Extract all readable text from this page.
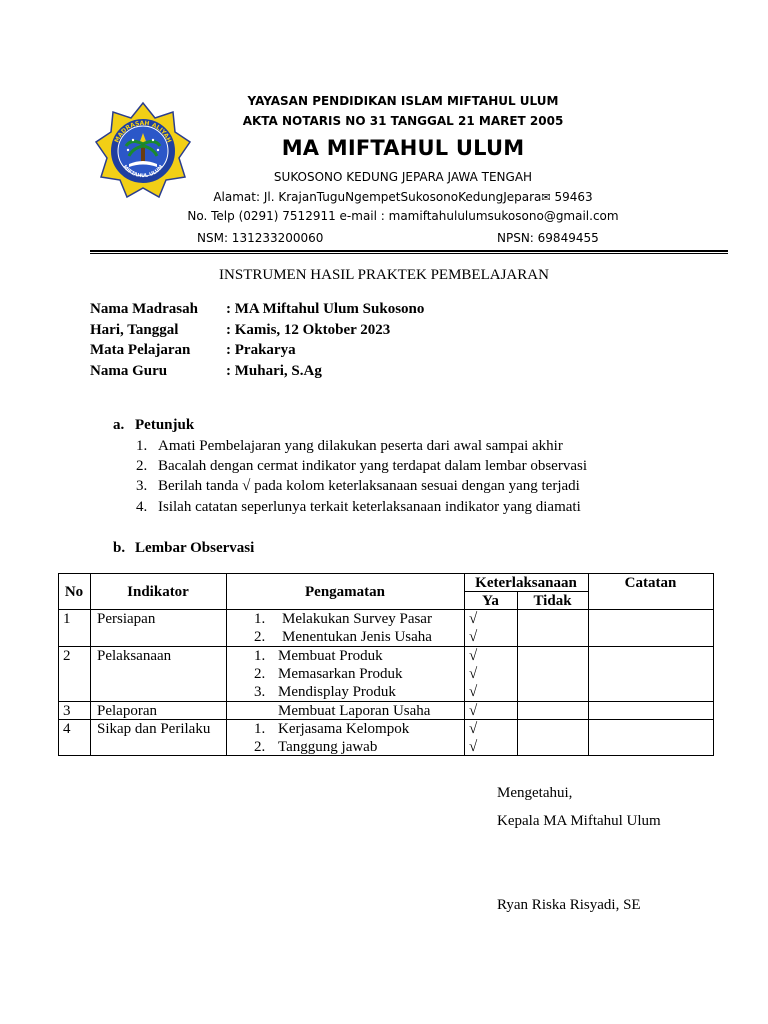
MADRASAH ALIYAH
MIFTAHUL ULUM
YAYASAN PENDIDIKAN ISLAM MIFTAHUL ULUM
AKTA NOTARIS NO 31 TANGGAL 21 MARET 2005
MA MIFTAHUL ULUM
SUKOSONO KEDUNG JEPARA JAWA TENGAH
Alamat: Jl. KrajanTuguNgempetSukosonoKedungJepara✉ 59463
No. Telp (0291) 7512911 e-mail : mamiftahululumsukosono@gmail.com
NSM: 131233200060	NPSN: 69849455
INSTRUMEN HASIL PRAKTEK PEMBELAJARAN
Nama Madrasah : MA Miftahul Ulum Sukosono
Hari, Tanggal	: Kamis, 12 Oktober 2023
Mata Pelajaran : Prakarya
Nama Guru	: Muhari, S.Ag
a. Petunjuk
1. Amati Pembelajaran yang dilakukan peserta dari awal sampai akhir
2. Bacalah dengan cermat indikator yang terdapat dalam lembar observasi
3. Berilah tanda √ pada kolom keterlaksanaan sesuai dengan yang terjadi
4. Isilah catatan seperlunya terkait keterlaksanaan indikator yang diamati
b. Lembar Observasi
No	Indikator	Pengamatan
Keterlaksanaan
Ya	Tidak
Catatan
1 Persiapan	1. Melakukan Survey Pasar √
2. Menentukan Jenis Usaha √
2 Pelaksanaan	1. Membuat Produk	√
2. Memasarkan Produk	√
3. Mendisplay Produk	√
3 Pelaporan	Membuat Laporan Usaha	√
4 Sikap dan Perilaku	1. Kerjasama Kelompok	√
2. Tanggung jawab	√
Mengetahui,
Kepala MA Miftahul Ulum
Ryan Riska Risyadi, SE
